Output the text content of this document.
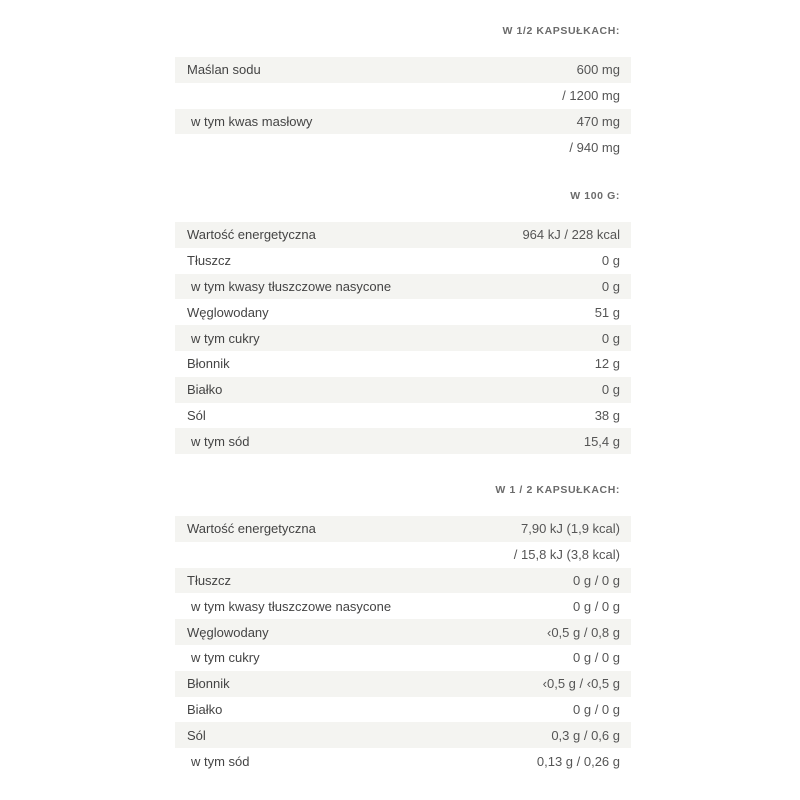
W 1/2 KAPSUŁKACH:
Maślan sodu	600 mg
/ 1200 mg
w tym kwas masłowy	470 mg
/ 940 mg
W 100 G:
Wartość energetyczna	964 kJ / 228 kcal
Tłuszcz	0 g
w tym kwasy tłuszczowe nasycone	0 g
Węglowodany	51 g
w tym cukry	0 g
Błonnik	12 g
Białko	0 g
Sól	38 g
w tym sód	15,4 g
W 1 / 2 KAPSUŁKACH:
Wartość energetyczna	7,90 kJ (1,9 kcal)
/ 15,8 kJ (3,8 kcal)
Tłuszcz	0 g / 0 g
w tym kwasy tłuszczowe nasycone	0 g / 0 g
Węglowodany	‹0,5 g / 0,8 g
w tym cukry	0 g / 0 g
Błonnik	‹0,5 g / ‹0,5 g
Białko	0 g / 0 g
Sól	0,3 g / 0,6 g
w tym sód	0,13 g / 0,26 g
